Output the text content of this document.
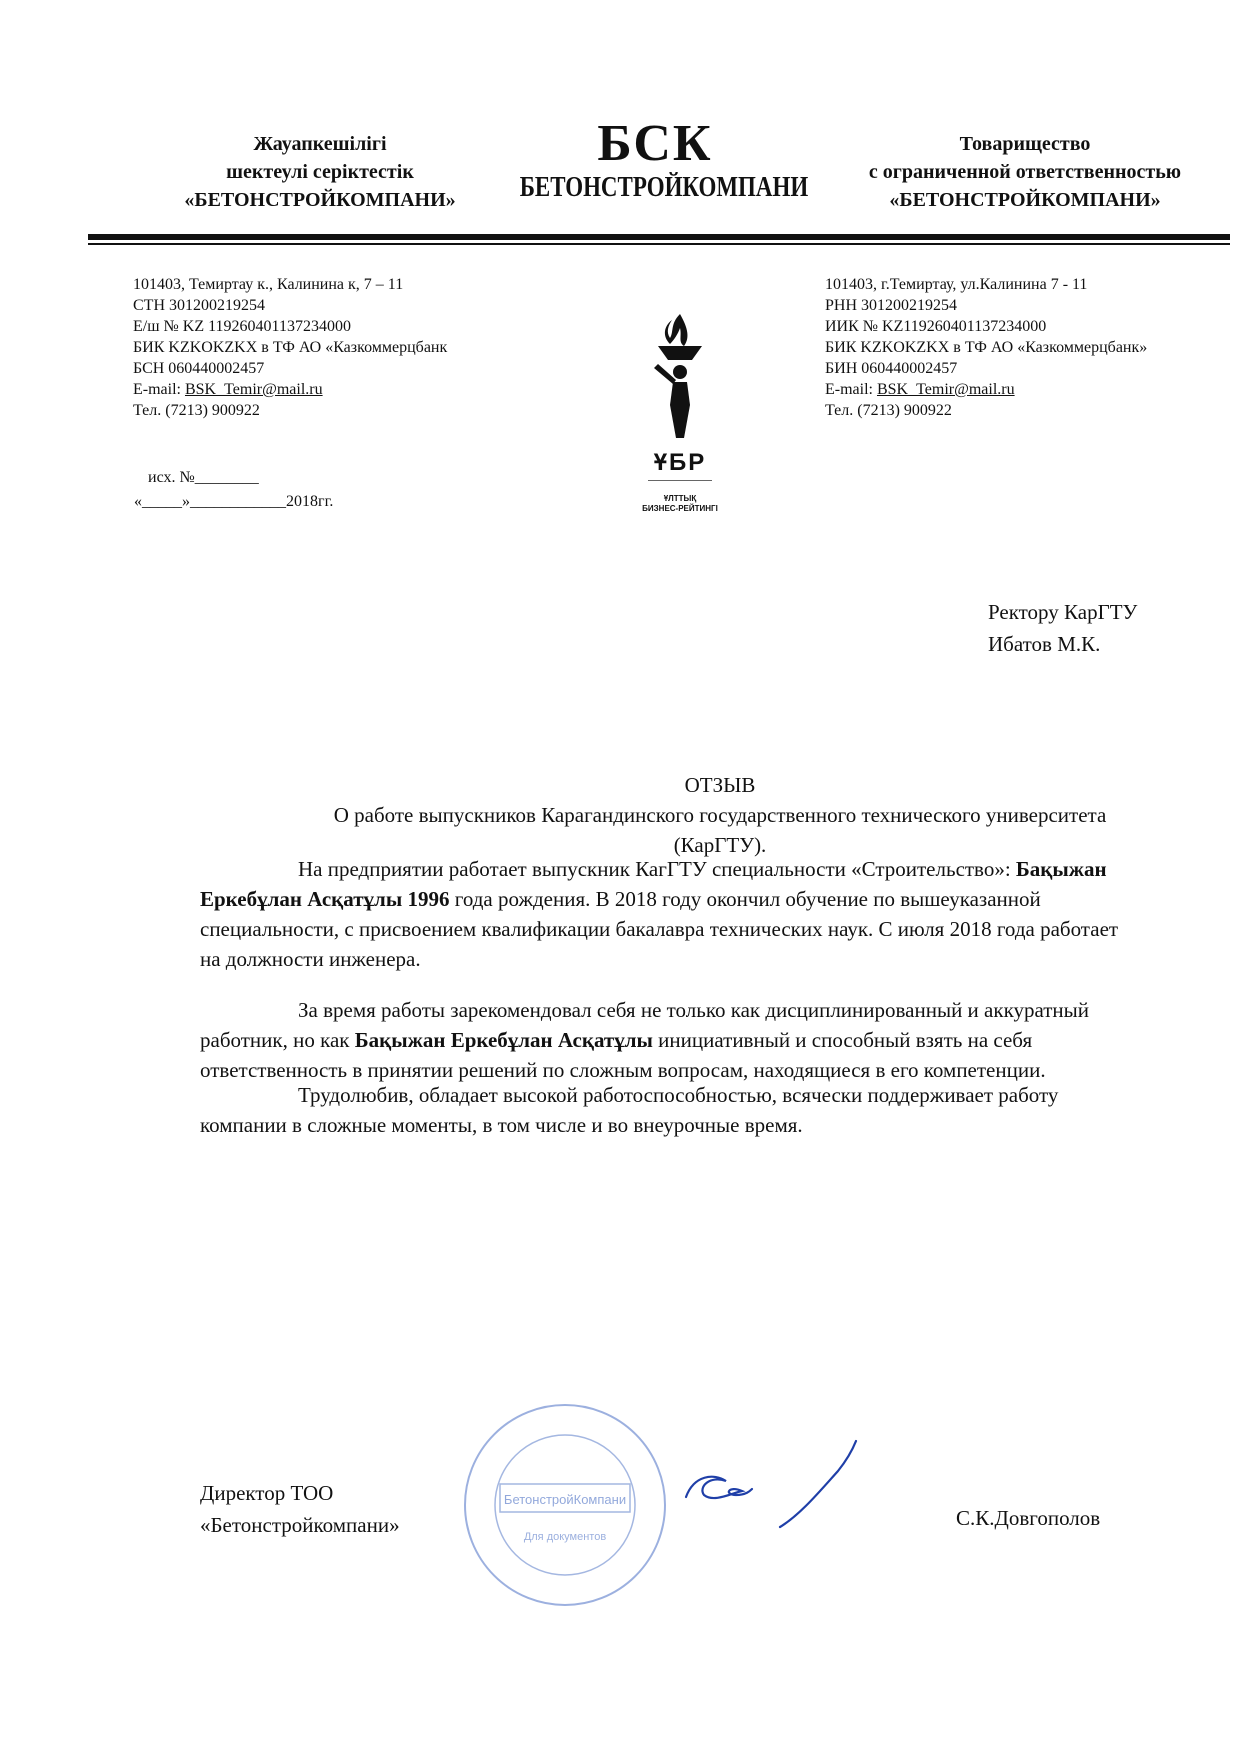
Жауапкешілігі
шектеулі серіктестік
«БЕТОНСТРОЙКОМПАНИ»
БСК
БЕТОНСТРОЙКОМПАНИ
Товарищество
с ограниченной ответственностью
«БЕТОНСТРОЙКОМПАНИ»
101403, Темиртау к., Калинина к, 7 – 11
СТН 301200219254
Е/ш № KZ 119260401137234000
БИК KZKOKZKX в ТФ АО «Казкоммерцбанк
БСН 060440002457
E-mail: BSK_Temir@mail.ru
Тел. (7213) 900922
101403, г.Темиртау, ул.Калинина 7 - 11
РНН 301200219254
ИИК № KZ119260401137234000
БИК KZKOKZKX в ТФ АО «Казкоммерцбанк»
БИН 060440002457
E-mail: BSK_Temir@mail.ru
Тел. (7213) 900922
ҰБР
ҰЛТТЫҚ
БИЗНЕС-РЕЙТИНГІ
исх. №________
«_____»____________2018гг.
Ректору КарГТУ
Ибатов М.К.
ОТЗЫВ
О работе выпускников Карагандинского государственного технического университета
(КарГТУ).
На предприятии работает выпускник КагГТУ специальности «Строительство»: Бақыжан Еркебұлан Асқатұлы 1996 года рождения. В 2018 году окончил обучение по вышеуказанной специальности, с присвоением квалификации бакалавра технических наук. С июля 2018 года работает на должности инженера.
За время работы зарекомендовал себя не только как дисциплинированный и аккуратный работник, но как Бақыжан Еркебұлан Асқатұлы инициативный и способный взять на себя ответственность в принятии решений по сложным вопросам, находящиеся в его компетенции.
Трудолюбив, обладает высокой работоспособностью, всячески поддерживает работу компании в сложные моменты, в том числе и во внеурочные время.
Директор ТОО
«Бетонстройкомпани»
БетонстройКомпани
Для документов
С.К.Довгополов
